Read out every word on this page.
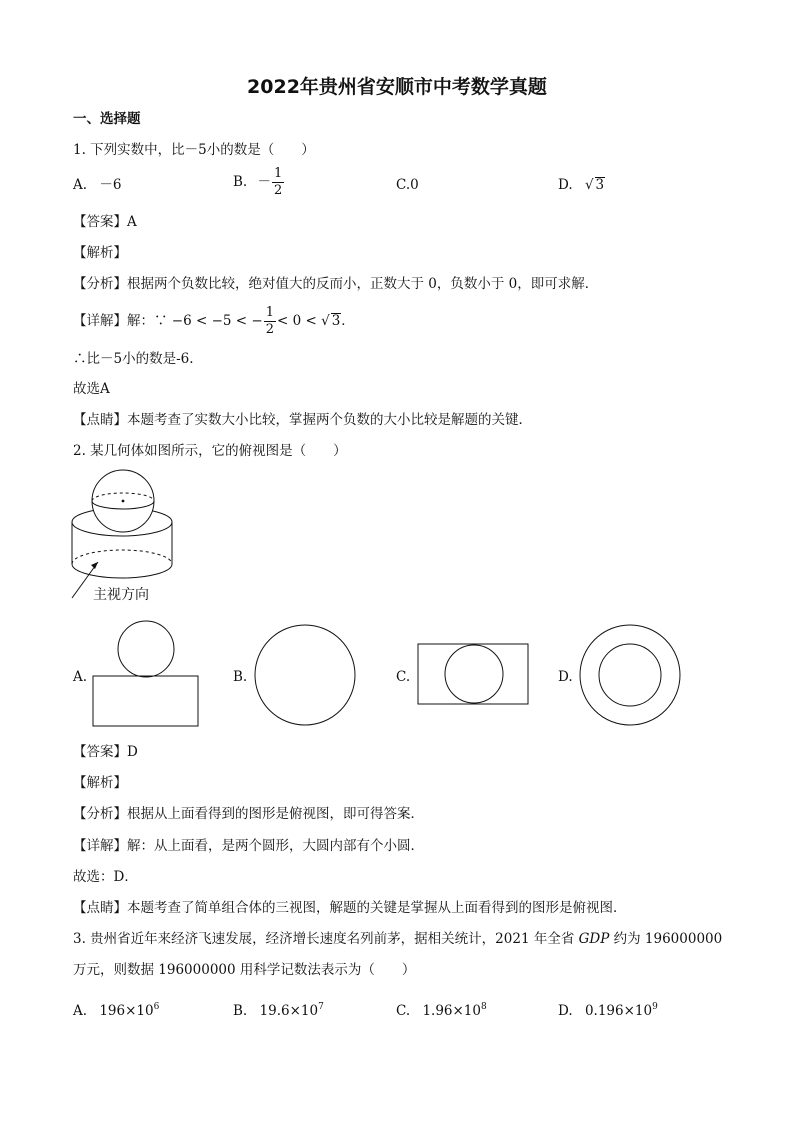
2022年贵州省安顺市中考数学真题
一、选择题
1. 下列实数中，比－5小的数是（　　）
A. －6	B. － $\frac{1}{2}$	C.0	D. √ 3
【答案】A
【解析】
【分析】根据两个负数比较，绝对值大的反而小，正数大于 0，负数小于 0，即可求解．
【详解】解：∵ −6 < −5 < − $\frac{1}{2} < 0$ < √ 3．
∴比－5小的数是-6.
故选A
【点睛】本题考查了实数大小比较，掌握两个负数的大小比较是解题的关键．
2. 某几何体如图所示，它的俯视图是（　　）
主视方向
A.	B.	C.	D.
【答案】D
【解析】
【分析】根据从上面看得到的图形是俯视图，即可得答案．
【详解】解：从上面看，是两个圆形，大圆内部有个小圆．
故选：D．
【点睛】本题考查了简单组合体的三视图，解题的关键是掌握从上面看得到的图形是俯视图．
3. 贵州省近年来经济飞速发展，经济增长速度名列前茅，据相关统计，2021 年全省 GDP 约为 196000000
万元，则数据 196000000 用科学记数法表示为（　　）
A. $196\times 10^6$	B. $19.6\times 10^7$	C. $1.96\times 10^8$	D. $0.196\times 10^9$
